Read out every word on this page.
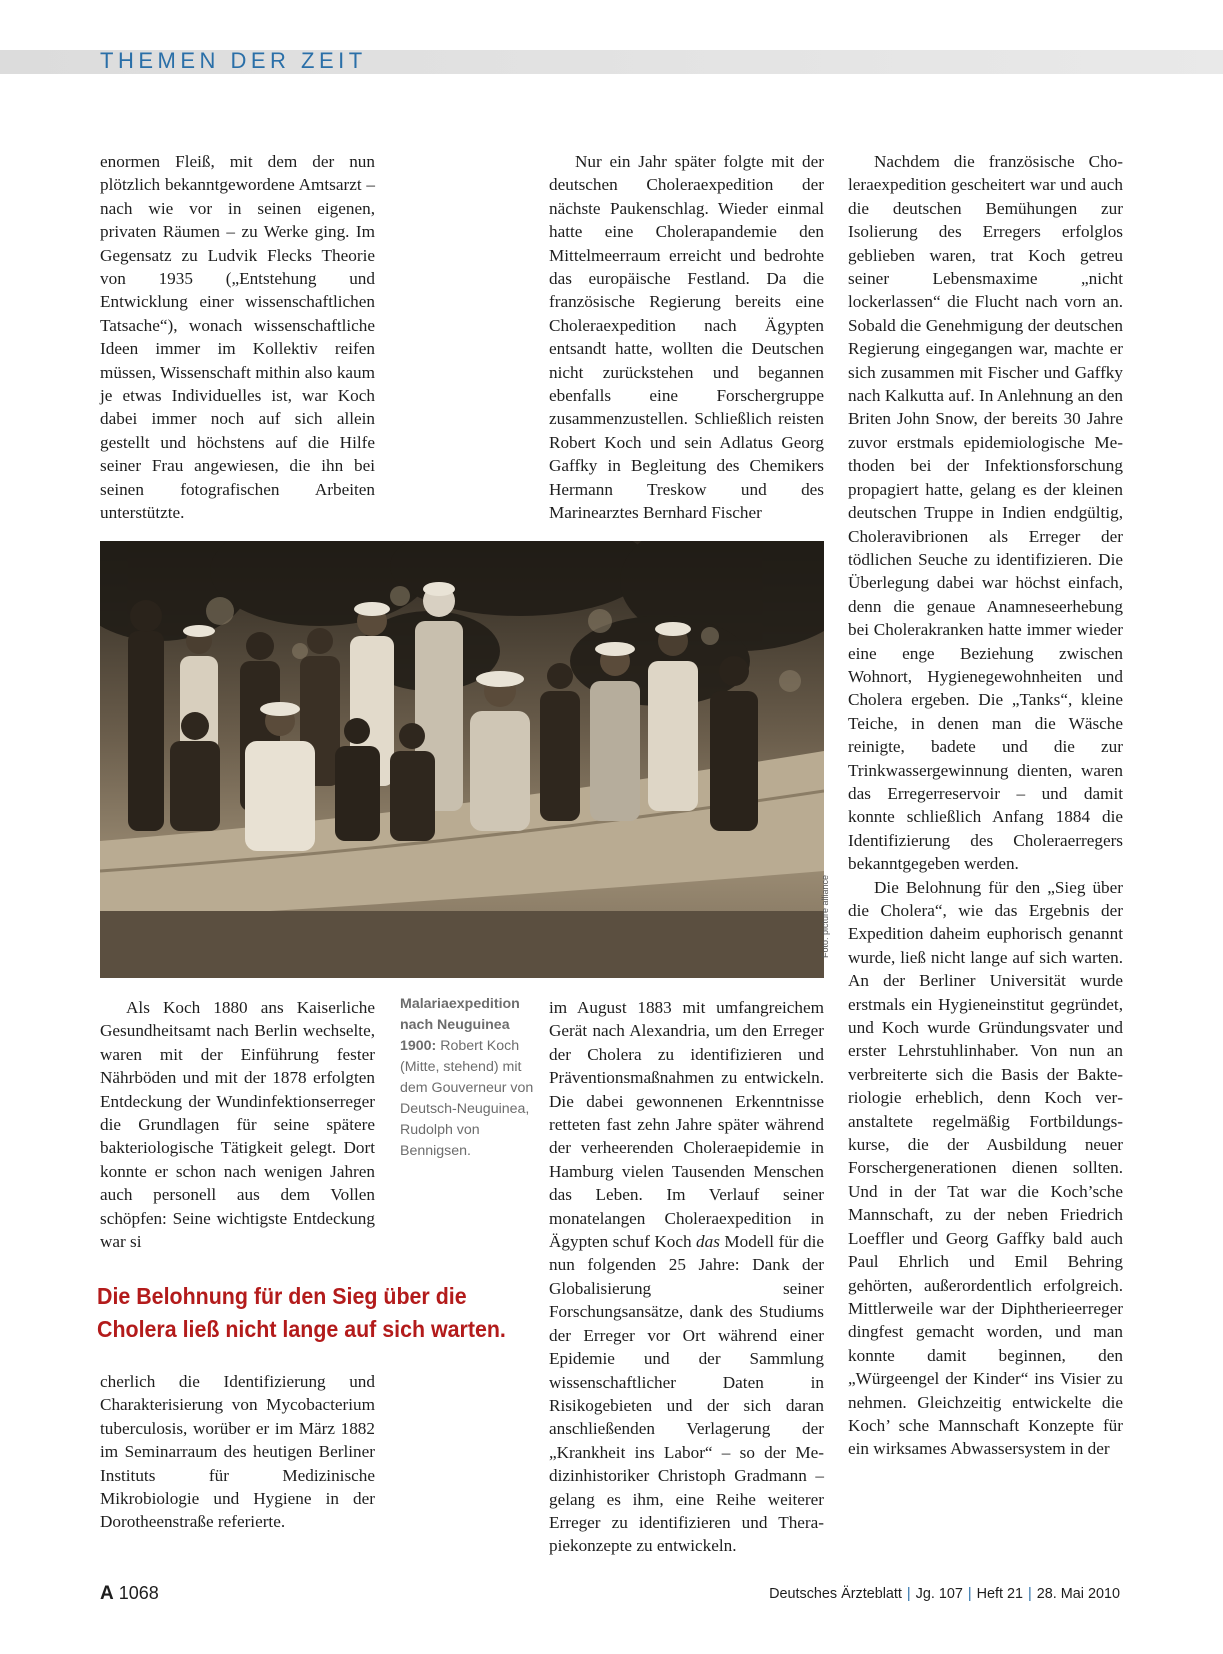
THEMEN DER ZEIT

enormen Fleiß, mit dem der nun plötzlich bekanntgewordene Amtsarzt – nach wie vor in seinen eigenen, privaten Räumen – zu Werke ging. Im Gegensatz zu Ludvik Flecks Theorie von 1935 („Entstehung und Entwicklung einer wissenschaftlichen Tatsache“), wonach wissenschaftliche Ideen immer im Kollektiv reifen müssen, Wissenschaft mithin also kaum je etwas Individuelles ist, war Koch dabei immer noch auf sich allein gestellt und höchstens auf die Hilfe seiner Frau angewiesen, die ihn bei seinen fotografischen Arbeiten unterstützte.

Foto: picture alliance

Als Koch 1880 ans Kaiserliche Gesundheitsamt nach Berlin wechselte, waren mit der Einführung fester Nährböden und mit der 1878 erfolgten Entdeckung der Wundinfektionserreger die Grundlagen für seine spätere bakteriologische Tätigkeit gelegt. Dort konnte er schon nach wenigen Jahren auch personell aus dem Vollen schöpfen: Seine wichtigste Entdeckung war si

Malariaexpedition nach Neuguinea 1900: Robert Koch (Mitte, stehend) mit dem Gouverneur von Deutsch-Neuguinea, Rudolph von Bennigsen.
Die Belohnung für den Sieg über die
Cholera ließ nicht lange auf sich warten.

cherlich die Identifizierung und Charakterisierung von Mycobacterium tuberculosis, worüber er im März 1882 im Seminarraum des heutigen Berliner Instituts für Medizinische Mikrobiologie und Hygiene in der Dorotheenstraße referierte.

Nur ein Jahr später folgte mit der deutschen Choleraexpedition der nächste Paukenschlag. Wieder einmal hatte eine Cholerapandemie den Mittelmeerraum erreicht und bedrohte das europäische Festland. Da die französische Regierung bereits eine Choleraexpedition nach Ägypten entsandt hatte, wollten die Deutschen nicht zurückstehen und begannen ebenfalls eine Forschergruppe zusammenzustellen. Schließlich reisten Robert Koch und sein Adlatus Georg Gaffky in Begleitung des Chemikers Hermann Treskow und des Marinearztes Bernhard Fischer

im August 1883 mit umfangreichem Gerät nach Alexandria, um den Erreger der Cholera zu identifizieren und Präventionsmaßnahmen zu entwickeln. Die dabei gewonnenen Erkenntnisse retteten fast zehn Jahre später während der verheerenden Choleraepidemie in Hamburg vielen Tausenden Menschen das Leben. Im Verlauf seiner monatelangen Choleraexpedition in Ägypten schuf Koch das Modell für die nun folgenden 25 Jahre: Dank der Globalisierung seiner Forschungsansätze, dank des Studiums der Erreger vor Ort während einer Epidemie und der Sammlung wissenschaftlicher Daten in Risikogebieten und der sich daran anschließenden Verlagerung der „Krankheit ins Labor“ – so der Medizinhistoriker Christoph Gradmann – gelang es ihm, eine Reihe weiterer Erreger zu identifizieren und Therapiekonzepte zu entwickeln.

Nachdem die französische Choleraexpedition gescheitert war und auch die deutschen Bemühungen zur Isolierung des Erregers erfolglos geblieben waren, trat Koch getreu seiner Lebensmaxime „nicht lockerlassen“ die Flucht nach vorn an. Sobald die Genehmigung der deutschen Regierung eingegangen war, machte er sich zusammen mit Fischer und Gaffky nach Kalkutta auf. In Anlehnung an den Briten John Snow, der bereits 30 Jahre zuvor erstmals epidemiologische Methoden bei der Infektionsforschung propagiert hatte, gelang es der kleinen deutschen Truppe in Indien endgültig, Choleravibrionen als Erreger der tödlichen Seuche zu identifizieren. Die Überlegung dabei war höchst einfach, denn die genaue Anamneseerhebung bei Cholerakranken hatte immer wieder eine enge Beziehung zwischen Wohnort, Hygienegewohnheiten und Cholera ergeben. Die „Tanks“, kleine Teiche, in denen man die Wäsche reinigte, badete und die zur Trinkwassergewinnung dienten, waren das Erregerreservoir – und damit konnte schließlich Anfang 1884 die Identifizierung des Choleraerregers bekanntgegeben werden.

Die Belohnung für den „Sieg über die Cholera“, wie das Ergebnis der Expedition daheim euphorisch genannt wurde, ließ nicht lange auf sich warten. An der Berliner Universität wurde erstmals ein Hygieneinstitut gegründet, und Koch wurde Gründungsvater und erster Lehrstuhlinhaber. Von nun an verbreiterte sich die Basis der Bakteriologie erheblich, denn Koch veranstaltete regelmäßig Fortbildungskurse, die der Ausbildung neuer Forschergenerationen dienen sollten. Und in der Tat war die Koch’sche Mannschaft, zu der neben Friedrich Loeffler und Georg Gaffky bald auch Paul Ehrlich und Emil Behring gehörten, außerordentlich erfolgreich. Mittlerweile war der Diphtherieerreger dingfest gemacht worden, und man konnte damit beginnen, den „Würgeengel der Kinder“ ins Visier zu nehmen. Gleichzeitig entwickelte die Koch’ sche Mannschaft Konzepte für ein wirksames Abwassersystem in der

A 1068	Deutsches Ärzteblatt | Jg. 107 | Heft 21 | 28. Mai 2010
